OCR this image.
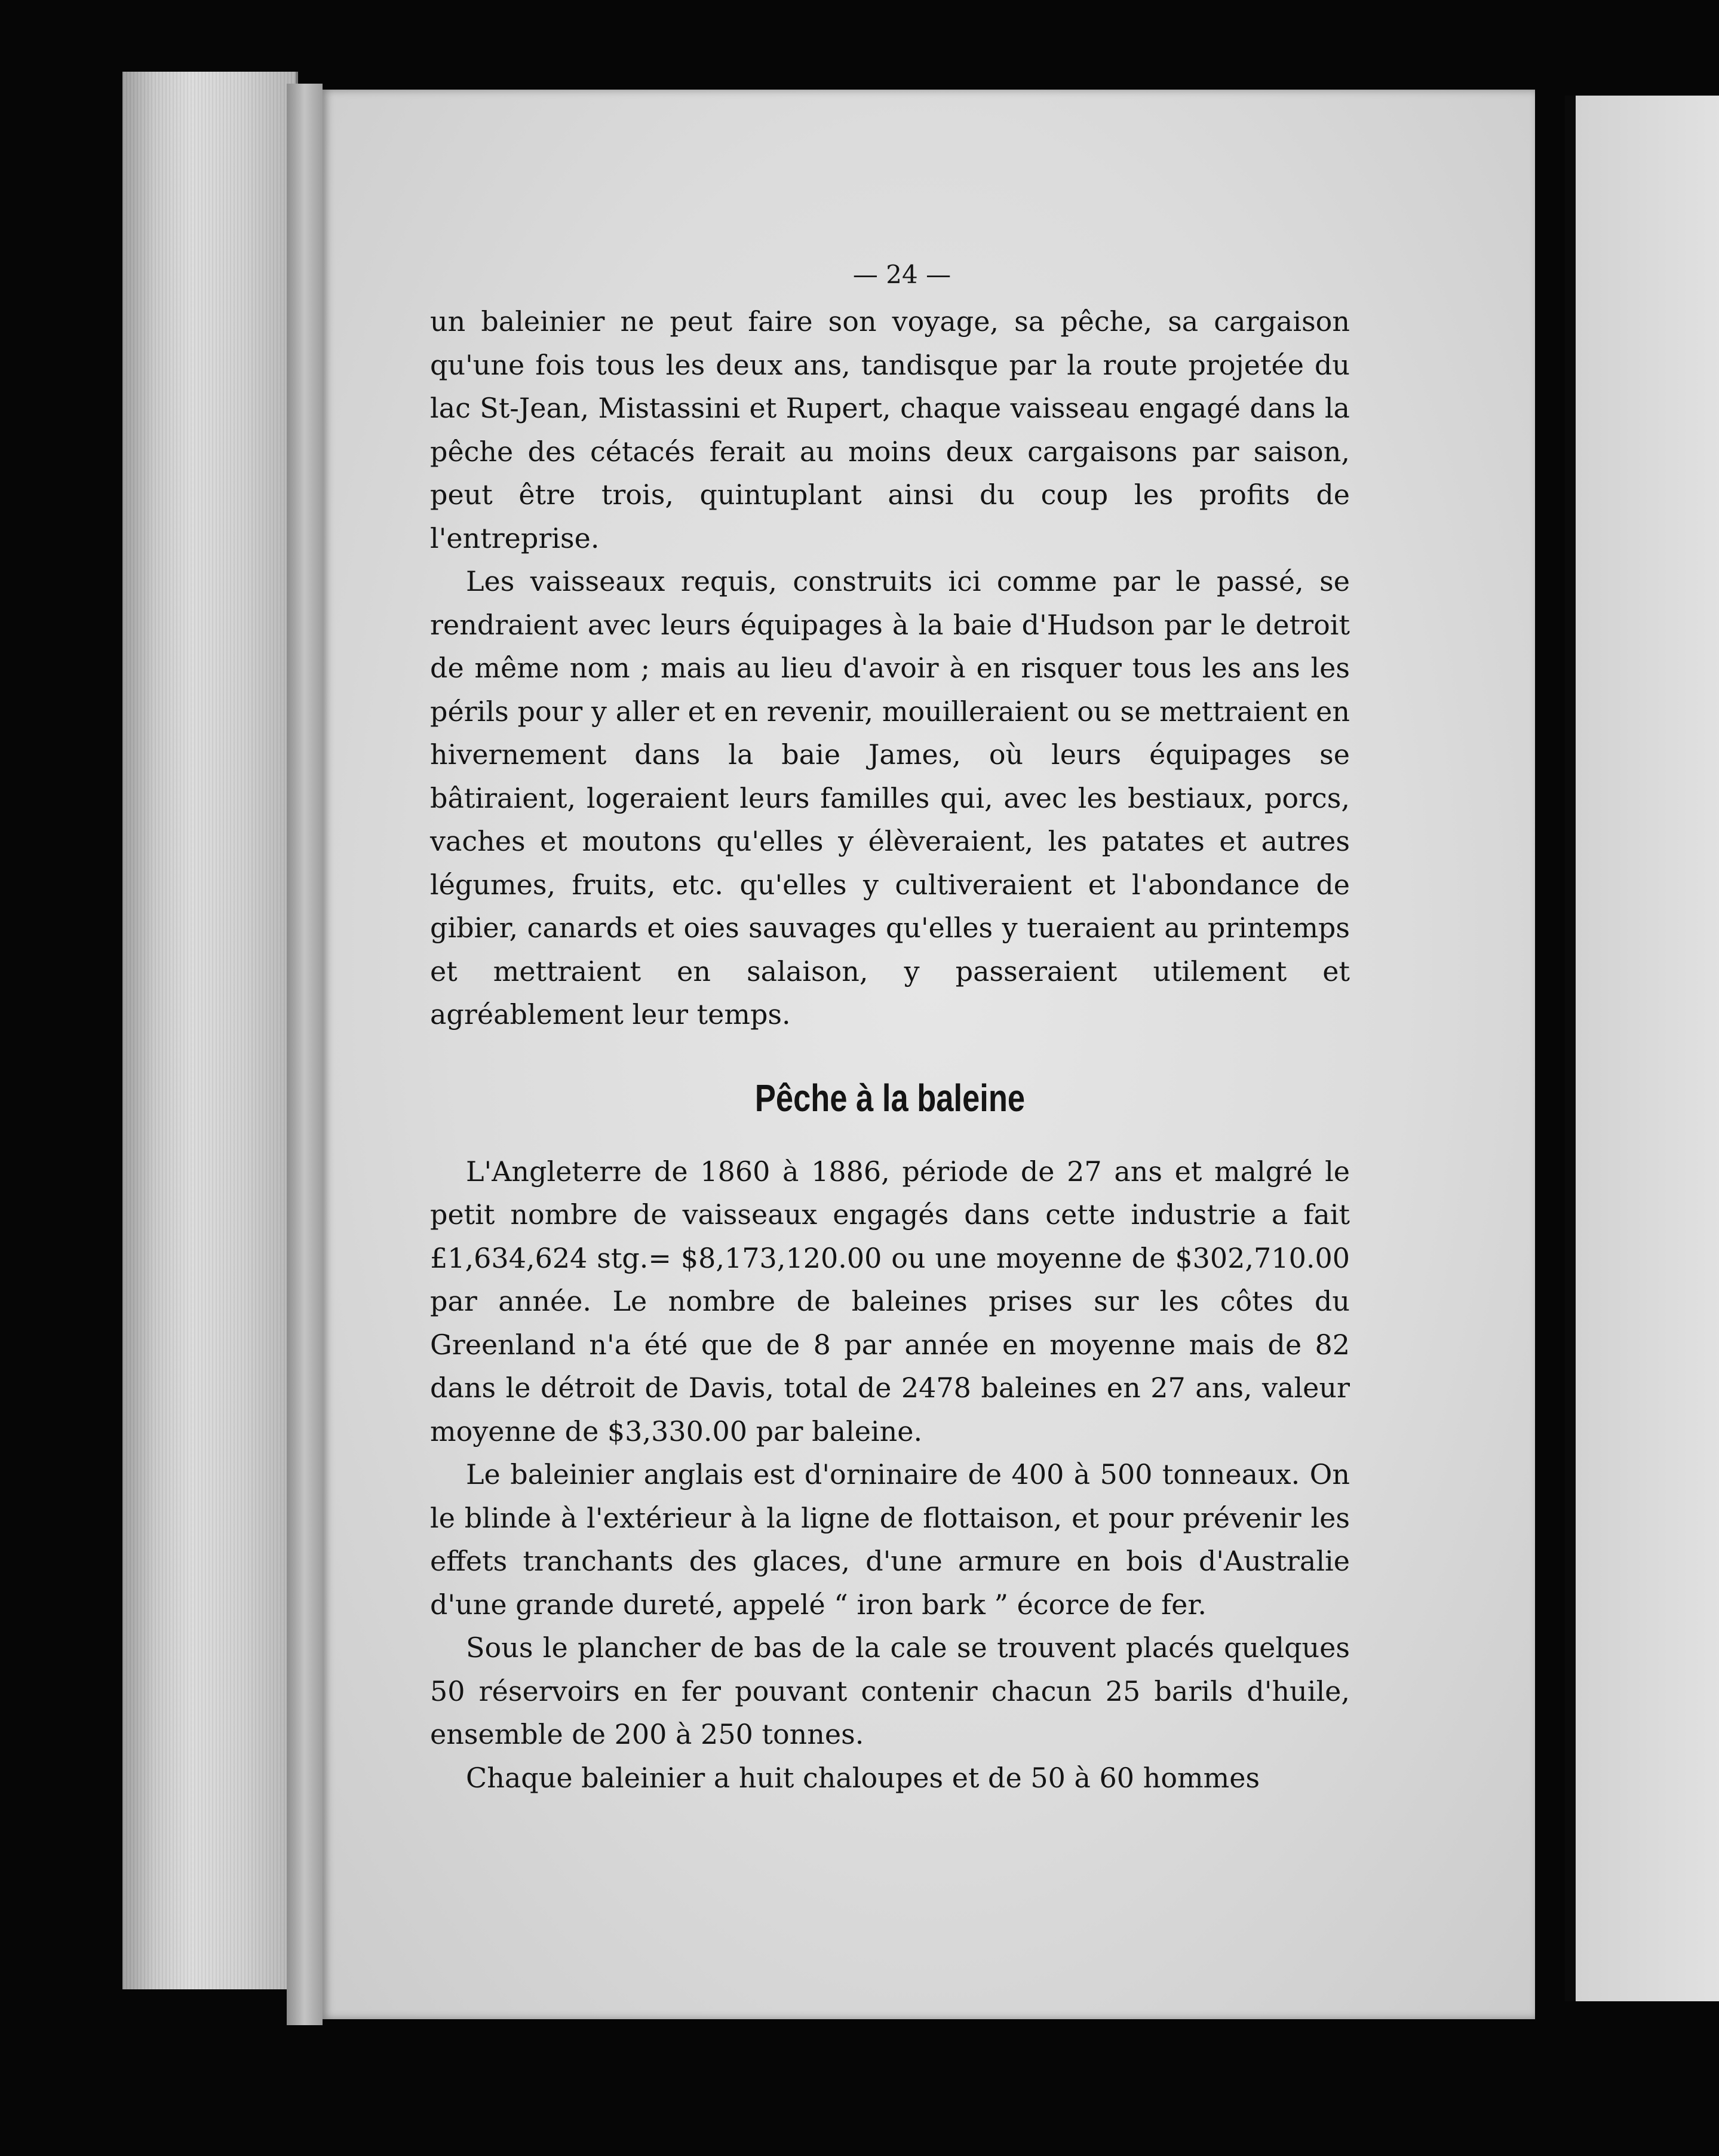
— 24 —

un baleinier ne peut faire son voyage, sa pêche, sa cargaison qu'une fois tous les deux ans, tandisque par la route projetée du lac St-Jean, Mistassini et Rupert, chaque vaisseau engagé dans la pêche des cétacés ferait au moins deux cargaisons par saison, peut être trois, quintuplant ainsi du coup les profits de l'entreprise.

Les vaisseaux requis, construits ici comme par le passé, se rendraient avec leurs équipages à la baie d'Hudson par le detroit de même nom ; mais au lieu d'avoir à en risquer tous les ans les périls pour y aller et en revenir, mouilleraient ou se mettraient en hivernement dans la baie James, où leurs équipages se bâtiraient, logeraient leurs familles qui, avec les bestiaux, porcs, vaches et moutons qu'elles y élèveraient, les patates et autres légumes, fruits, etc. qu'elles y cultiveraient et l'abondance de gibier, canards et oies sauvages qu'elles y tueraient au printemps et mettraient en salaison, y passeraient utilement et agréablement leur temps.

Pêche à la baleine

L'Angleterre de 1860 à 1886, période de 27 ans et malgré le petit nombre de vaisseaux engagés dans cette industrie a fait £1,634,624 stg.= $8,173,120.00 ou une moyenne de $302,710.00 par année. Le nombre de baleines prises sur les côtes du Greenland n'a été que de 8 par année en moyenne mais de 82 dans le détroit de Davis, total de 2478 baleines en 27 ans, valeur moyenne de $3,330.00 par baleine.

Le baleinier anglais est d'orninaire de 400 à 500 tonneaux. On le blinde à l'extérieur à la ligne de flottaison, et pour prévenir les effets tranchants des glaces, d'une armure en bois d'Australie d'une grande dureté, appelé “ iron bark ” écorce de fer.

Sous le plancher de bas de la cale se trouvent placés quelques 50 réservoirs en fer pouvant contenir chacun 25 barils d'huile, ensemble de 200 à 250 tonnes.

Chaque baleinier a huit chaloupes et de 50 à 60 hommes
